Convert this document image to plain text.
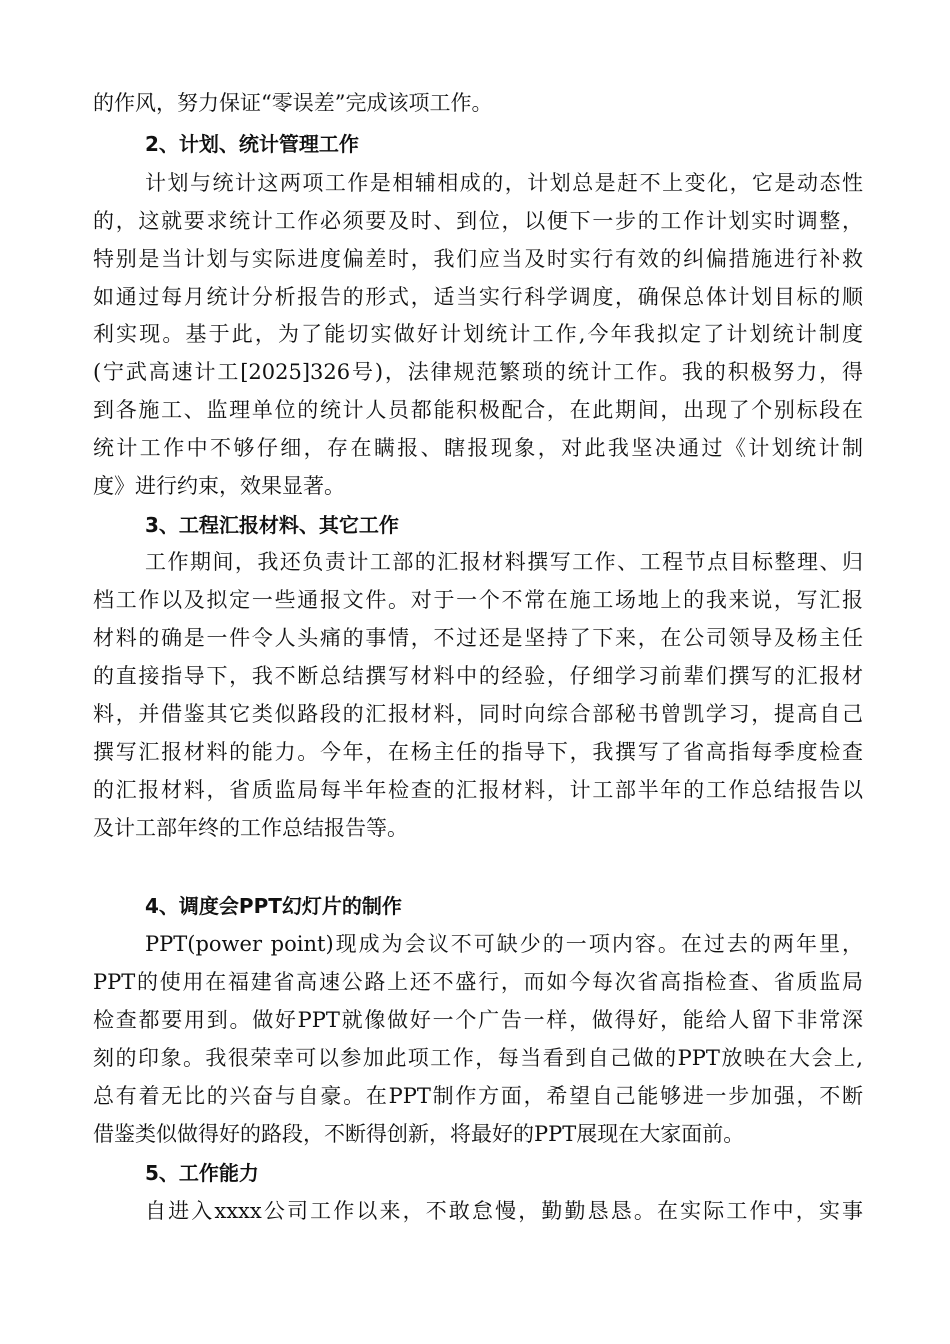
的作风，努力保证“零误差”完成该项工作。
2、计划、统计管理工作
计划与统计这两项工作是相辅相成的，计划总是赶不上变化，它是动态性
的，这就要求统计工作必须要及时、到位，以便下一步的工作计划实时调整，
特别是当计划与实际进度偏差时，我们应当及时实行有效的纠偏措施进行补救
如通过每月统计分析报告的形式，适当实行科学调度，确保总体计划目标的顺
利实现。基于此，为了能切实做好计划统计工作,今年我拟定了计划统计制度
(宁武高速计工[2025]326号)，法律规范繁琐的统计工作。我的积极努力，得
到各施工、监理单位的统计人员都能积极配合，在此期间，出现了个别标段在
统计工作中不够仔细，存在瞒报、瞎报现象，对此我坚决通过《计划统计制
度》进行约束，效果显著。
3、工程汇报材料、其它工作
工作期间，我还负责计工部的汇报材料撰写工作、工程节点目标整理、归
档工作以及拟定一些通报文件。对于一个不常在施工场地上的我来说，写汇报
材料的确是一件令人头痛的事情，不过还是坚持了下来，在公司领导及杨主任
的直接指导下，我不断总结撰写材料中的经验，仔细学习前辈们撰写的汇报材
料，并借鉴其它类似路段的汇报材料，同时向综合部秘书曾凯学习，提高自己
撰写汇报材料的能力。今年，在杨主任的指导下，我撰写了省高指每季度检查
的汇报材料，省质监局每半年检查的汇报材料，计工部半年的工作总结报告以
及计工部年终的工作总结报告等。
4、调度会PPT幻灯片的制作
PPT(power point)现成为会议不可缺少的一项内容。在过去的两年里，
PPT的使用在福建省高速公路上还不盛行，而如今每次省高指检查、省质监局
检查都要用到。做好PPT就像做好一个广告一样，做得好，能给人留下非常深
刻的印象。我很荣幸可以参加此项工作，每当看到自己做的PPT放映在大会上,
总有着无比的兴奋与自豪。在PPT制作方面，希望自己能够进一步加强，不断
借鉴类似做得好的路段，不断得创新，将最好的PPT展现在大家面前。
5、工作能力
自进入xxxx公司工作以来，不敢怠慢，勤勤恳恳。在实际工作中，实事
